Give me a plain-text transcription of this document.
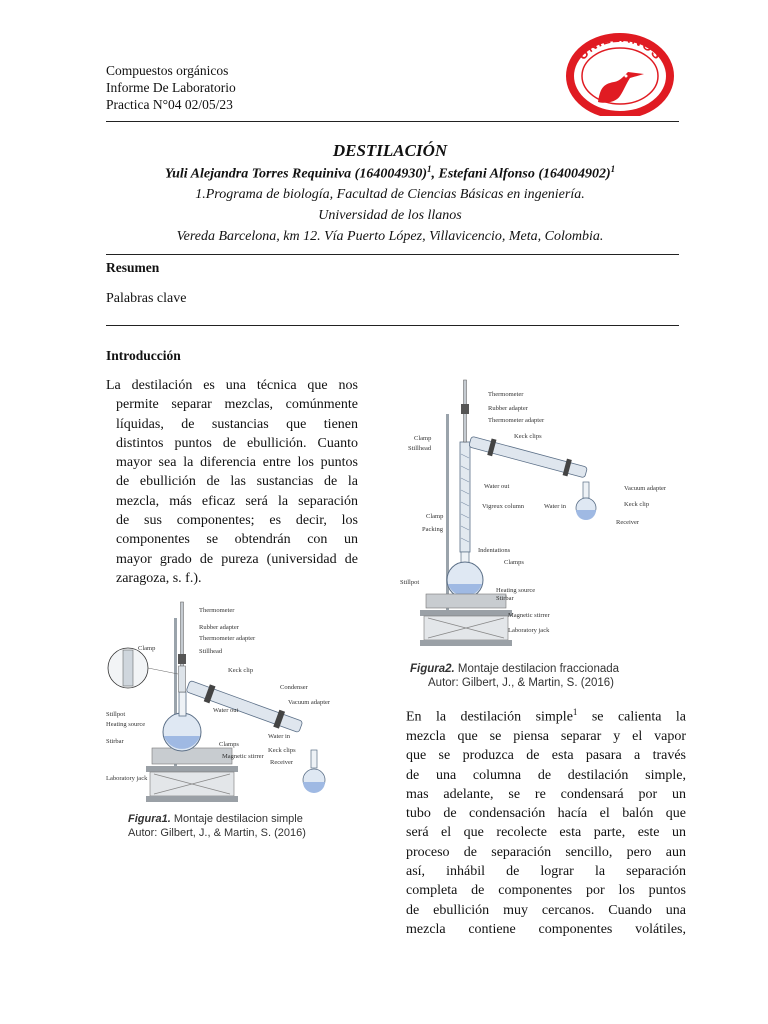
Compuestos orgánicos
Informe De Laboratorio
Practica N°04 02/05/23
UNILLANOS
DESTILACIÓN
Yuli Alejandra Torres Requiniva $(164004930)^1$, Estefani Alfonso $(164004902)^1$
1.Programa de biología, Facultad de Ciencias Básicas en ingeniería.
Universidad de los llanos
Vereda Barcelona, km 12. Vía Puerto López, Villavicencio, Meta, Colombia.
Resumen
Palabras clave
Introducción
La destilación es una técnica que nos
permite separar mezclas, comúnmente
líquidas, de sustancias que tienen
distintos puntos de ebullición. Cuanto
mayor sea la diferencia entre los puntos
de ebullición de las sustancias de la
mezcla, más eficaz será la separación
de sus componentes; es decir, los
componentes se obtendrán con un
mayor grado de pureza (universidad de
zaragoza, s. f.).
Thermometer
Rubber adapter
Thermometer adapter
Clamp	Stillhead
Keck clip
Condenser
Vacuum adapter
Water out
Stillpot
Heating source
Stirbar
Water in
Clamps
Keck clips
Receiver
Magnetic stirrer
Laboratory jack
Figura1. Montaje destilacion simple
Autor: Gilbert, J., & Martin, S. (2016)
Thermometer
Rubber adapter
Thermometer adapter
Clamp
Stillhead
Keck clips
Water out	Vacuum adapter
Keck clip
Vigreux column	Water in
Receiver
Clamp
Packing
Indentations
Clamps
Stillpot
Heating source
Stirbar
Magnetic stirrer
Laboratory jack
Figura2. Montaje destilacion fraccionada
Autor: Gilbert, J., & Martin, S. (2016)
En la destilación simple$^1$ se calienta la
mezcla que se piensa separar y el vapor
que se produzca de esta pasara a través
de una columna de destilación simple,
mas adelante, se re condensará por un
tubo de condensación hacía el balón que
será el que recolecte esta parte, este un
proceso de separación sencillo, pero aun
así, inhábil de lograr la separación
completa de componentes por los puntos
de ebullición muy cercanos. Cuando una
mezcla contiene componentes volátiles,
